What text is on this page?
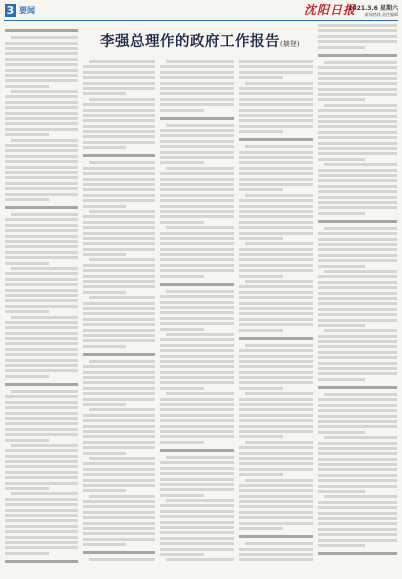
3 要闻	沈阳日报
2021.3.6 星期六
新闻热线 责任编辑
李强总理作的政府工作报告(摘登)
